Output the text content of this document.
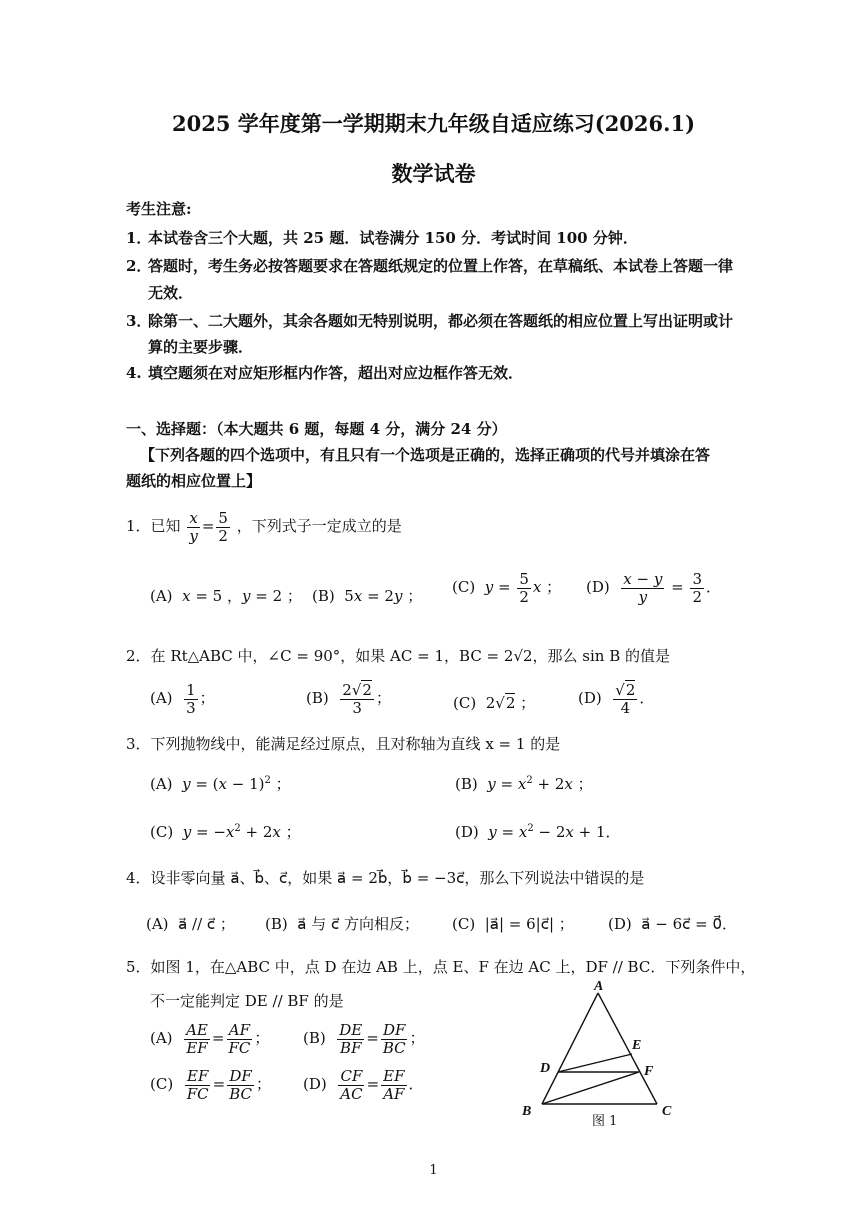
2025 学年度第一学期期末九年级自适应练习(2026.1)
数学试卷
考生注意:
1．本试卷含三个大题，共 25 题．试卷满分 150 分．考试时间 100 分钟．
2．答题时，考生务必按答题要求在答题纸规定的位置上作答，在草稿纸、本试卷上答题一律
无效．
3．除第一、二大题外，其余各题如无特别说明，都必须在答题纸的相应位置上写出证明或计
算的主要步骤．
4. 填空题须在对应矩形框内作答，超出对应边框作答无效．
一、选择题：（本大题共 6 题，每题 4 分，满分 24 分）
【下列各题的四个选项中，有且只有一个选项是正确的，选择正确项的代号并填涂在答
题纸的相应位置上】
1．已知 $\frac{x}{y} = \frac{5}{2}$ ，下列式子一定成立的是
(A) x = 5 ，y = 2 ； (B)  5x = 2y ； (C) $y = \frac{5}{2}$ x ； $(D) \frac{x - y}{y} = \frac{3}{2}$ ．
2．在 Rt△ABC 中，∠C = 90°，如果 AC = 1，BC = 2√2，那么 sin B 的值是
$(A) \frac{1}{3}$ ；	$(B) \frac{2√2}{3}$ ；	(C)  2√2 ；	$(D) \frac{√2}{4}$ ．
3．下列抛物线中，能满足经过原点，且对称轴为直线 x = 1 的是
(A) $y = (x - 1)^2$ ；	(B) $y = x^2 + 2x$ ；
(C) $y = -x^2 + 2x$ ；	(D) $y = x^2 - 2x + 1$．
4．设非零向量 a⃗、b⃗、c⃗，如果 a⃗ = 2b⃗，b⃗ = −3c⃗，那么下列说法中错误的是
(A)  a⃗ // c⃗ ； (B)  a⃗ 与 c⃗ 方向相反； (C)  |a⃗| = 6|c⃗| ； (D)  a⃗ − 6c⃗ = 0⃗．
5．如图 1，在△ABC 中，点 D 在边 AB 上，点 E、F 在边 AC 上，DF // BC．下列条件中，
不一定能判定 DE // BF 的是
$(A) \frac{AE}{EF} = \frac{AF}{FC}$ ； $(B) \frac{DE}{BF} = \frac{DF}{BC}$ ；
$(C) \frac{EF}{FC} = \frac{DF}{BC}$ ； $(D) \frac{CF}{AC} = \frac{EF}{AF}$ ．
A
B	C
D
E
F
图 1
1
